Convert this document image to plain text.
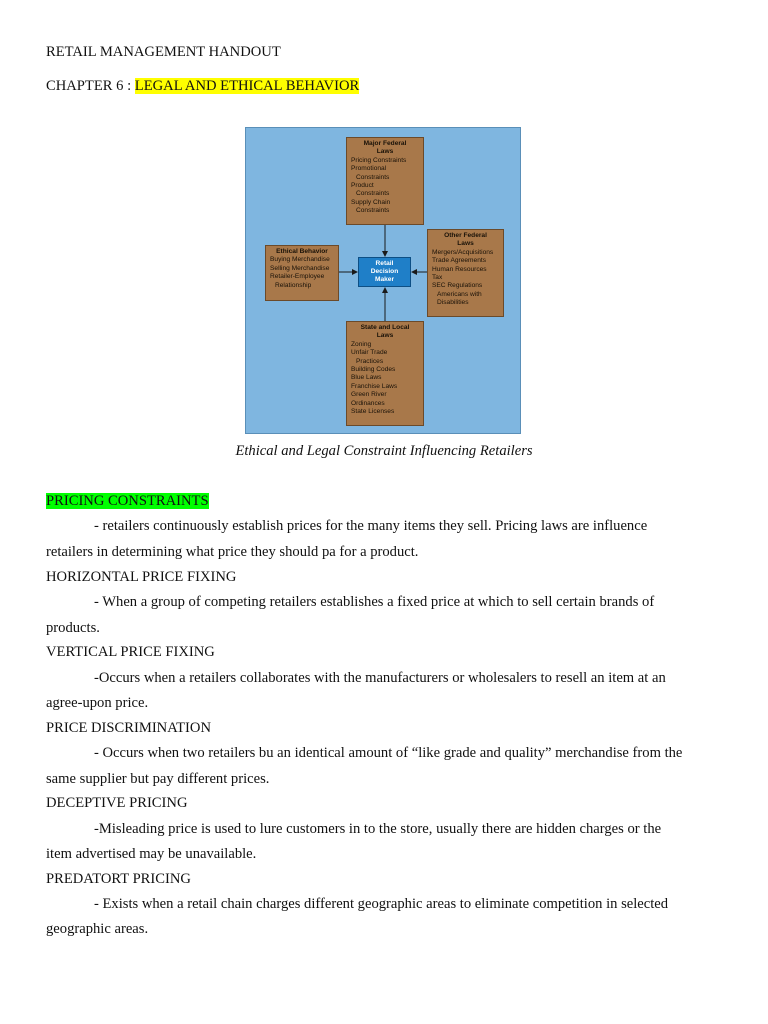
RETAIL MANAGEMENT HANDOUT
CHAPTER 6 : LEGAL AND ETHICAL BEHAVIOR
Major Federal
Laws
Pricing Constraints
Promotional
Constraints
Product
Constraints
Supply Chain
Constraints
Ethical Behavior
Buying Merchandise
Selling Merchandise
Retailer-Employee
Relationship
Retail
Decision
Maker
Other Federal
Laws
Mergers/Acquisitions
Trade Agreements
Human Resources
Tax
SEC Regulations
Americans with
Disabilities
State and Local
Laws
Zoning
Unfair Trade
Practices
Building Codes
Blue Laws
Franchise Laws
Green River
Ordinances
State Licenses
Ethical and Legal Constraint Influencing Retailers
PRICING CONSTRAINTS
- retailers continuously establish prices for the many items they sell. Pricing laws are influence
retailers in determining what price they should pa for a product.
HORIZONTAL PRICE FIXING
- When a group of competing retailers establishes a fixed price at which to sell certain brands of
products.
VERTICAL PRICE FIXING
-Occurs when a retailers collaborates with the manufacturers or wholesalers to resell an item at an
agree-upon price.
PRICE DISCRIMINATION
- Occurs when two retailers bu an identical amount of “like grade and quality” merchandise from the
same supplier but pay different prices.
DECEPTIVE PRICING
-Misleading price is used to lure customers in to the store, usually there are hidden charges or the
item advertised may be unavailable.
PREDATORT PRICING
- Exists when a retail chain charges different geographic areas to eliminate competition in selected
geographic areas.
